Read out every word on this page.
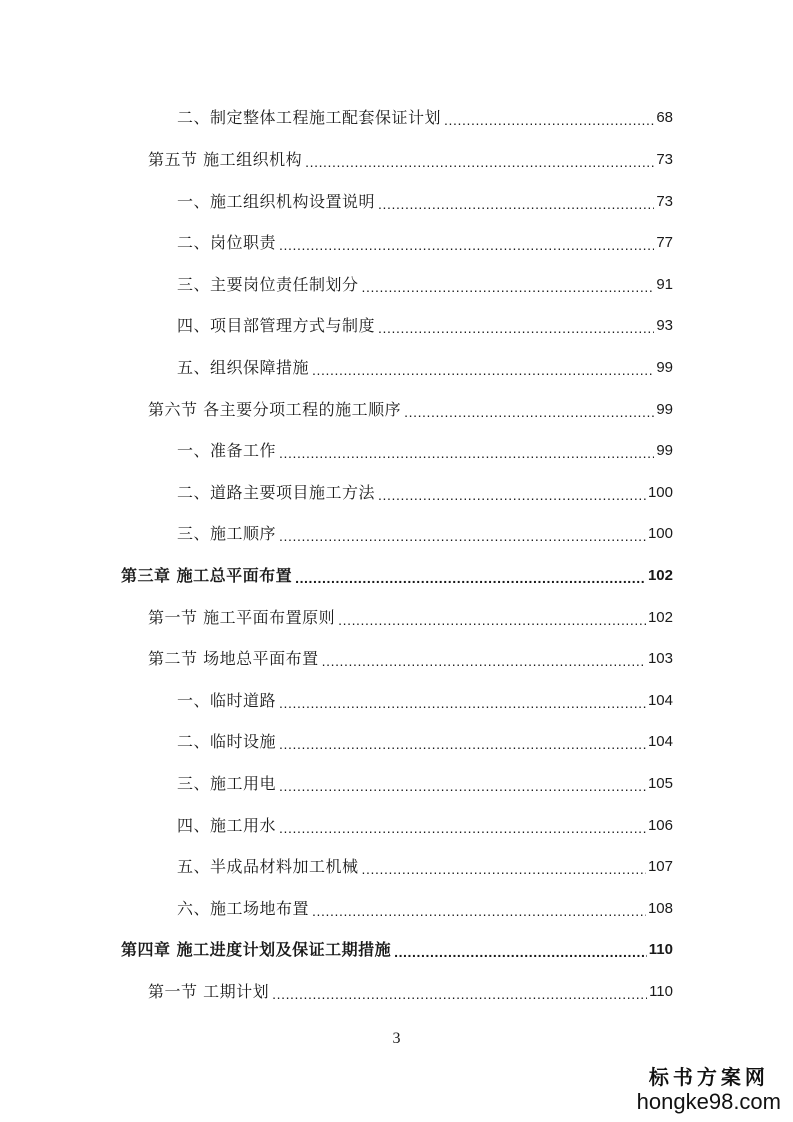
二、制定整体工程施工配套保证计划 .....	68
第五节 施工组织机构 .....	73
一、施工组织机构设置说明 .....	73
二、岗位职责 .....	77
三、主要岗位责任制划分 .....	91
四、项目部管理方式与制度 .....	93
五、组织保障措施 .....	99
第六节 各主要分项工程的施工顺序 .....	99
一、准备工作 .....	99
二、道路主要项目施工方法 .....	100
三、施工顺序 .....	100
第三章 施工总平面布置 .....	102
第一节 施工平面布置原则 .....	102
第二节 场地总平面布置 .....	103
一、临时道路 .....	104
二、临时设施 .....	104
三、施工用电 .....	105
四、施工用水 .....	106
五、半成品材料加工机械 .....	107
六、施工场地布置 .....	108
第四章 施工进度计划及保证工期措施 .....	110
第一节 工期计划 .....	110
3
标书方案网
hongke98.com
